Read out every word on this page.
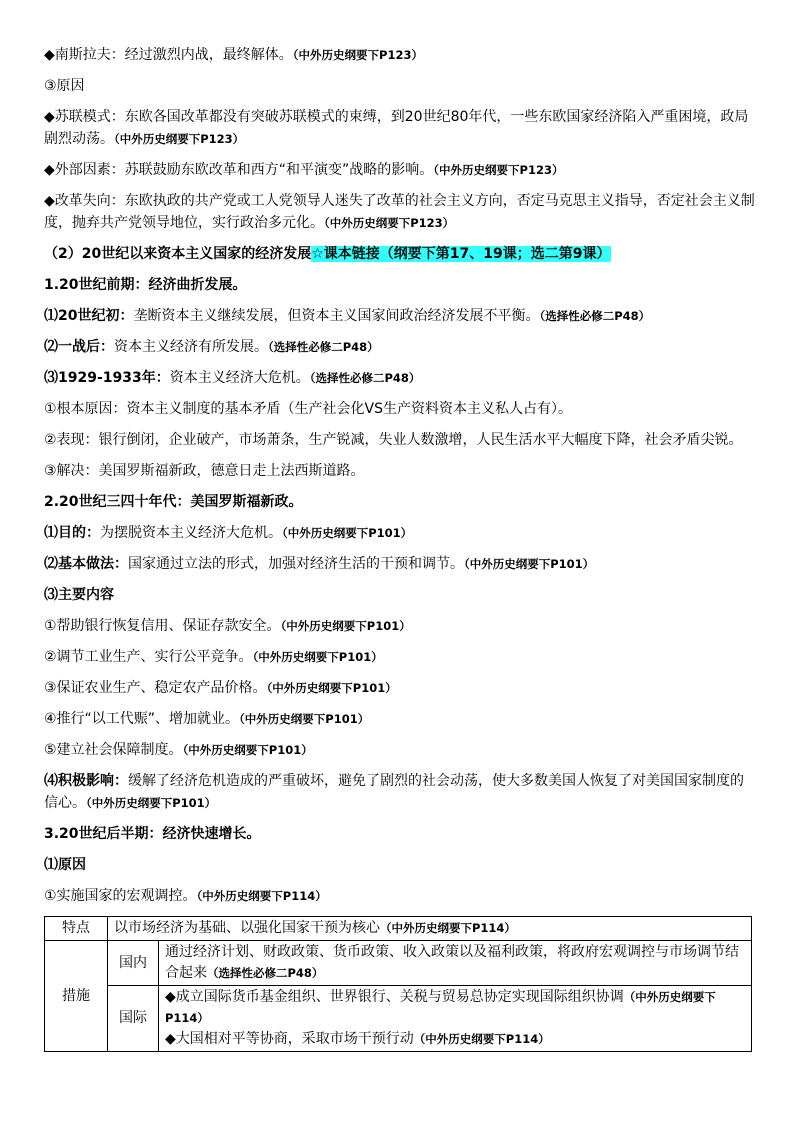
◆南斯拉夫：经过激烈内战，最终解体。（中外历史纲要下P123）

③原因

◆苏联模式：东欧各国改革都没有突破苏联模式的束缚，到20世纪80年代，一些东欧国家经济陷入严重困境，政局剧烈动荡。（中外历史纲要下P123）

◆外部因素：苏联鼓励东欧改革和西方“和平演变”战略的影响。（中外历史纲要下P123）

◆改革失向：东欧执政的共产党或工人党领导人迷失了改革的社会主义方向，否定马克思主义指导，否定社会主义制度，抛弃共产党领导地位，实行政治多元化。（中外历史纲要下P123）

（2）20世纪以来资本主义国家的经济发展☆课本链接（纲要下第17、19课；选二第9课）

1.20世纪前期：经济曲折发展。

⑴20世纪初：垄断资本主义继续发展，但资本主义国家间政治经济发展不平衡。（选择性必修二P48）

⑵一战后：资本主义经济有所发展。（选择性必修二P48）

⑶1929-1933年：资本主义经济大危机。（选择性必修二P48）

①根本原因：资本主义制度的基本矛盾（生产社会化VS生产资料资本主义私人占有）。

②表现：银行倒闭，企业破产，市场萧条，生产锐减，失业人数激增，人民生活水平大幅度下降，社会矛盾尖锐。

③解决：美国罗斯福新政，德意日走上法西斯道路。

2.20世纪三四十年代：美国罗斯福新政。

⑴目的：为摆脱资本主义经济大危机。（中外历史纲要下P101）

⑵基本做法：国家通过立法的形式，加强对经济生活的干预和调节。（中外历史纲要下P101）

⑶主要内容

①帮助银行恢复信用、保证存款安全。（中外历史纲要下P101）

②调节工业生产、实行公平竞争。（中外历史纲要下P101）

③保证农业生产、稳定农产品价格。（中外历史纲要下P101）

④推行“以工代赈”、增加就业。（中外历史纲要下P101）

⑤建立社会保障制度。（中外历史纲要下P101）

⑷积极影响：缓解了经济危机造成的严重破坏，避免了剧烈的社会动荡，使大多数美国人恢复了对美国国家制度的信心。（中外历史纲要下P101）

3.20世纪后半期：经济快速增长。

⑴原因

①实施国家的宏观调控。（中外历史纲要下P114）

特点	以市场经济为基础、以强化国家干预为核心（中外历史纲要下P114）	
措施	国内	通过经济计划、财政政策、货币政策、收入政策以及福利政策，将政府宏观调控与市场调节结合起来（选择性必修二P48）
	国际	◆成立国际货币基金组织、世界银行、关税与贸易总协定实现国际组织协调（中外历史纲要下P114）
◆大国相对平等协商，采取市场干预行动（中外历史纲要下P114）
